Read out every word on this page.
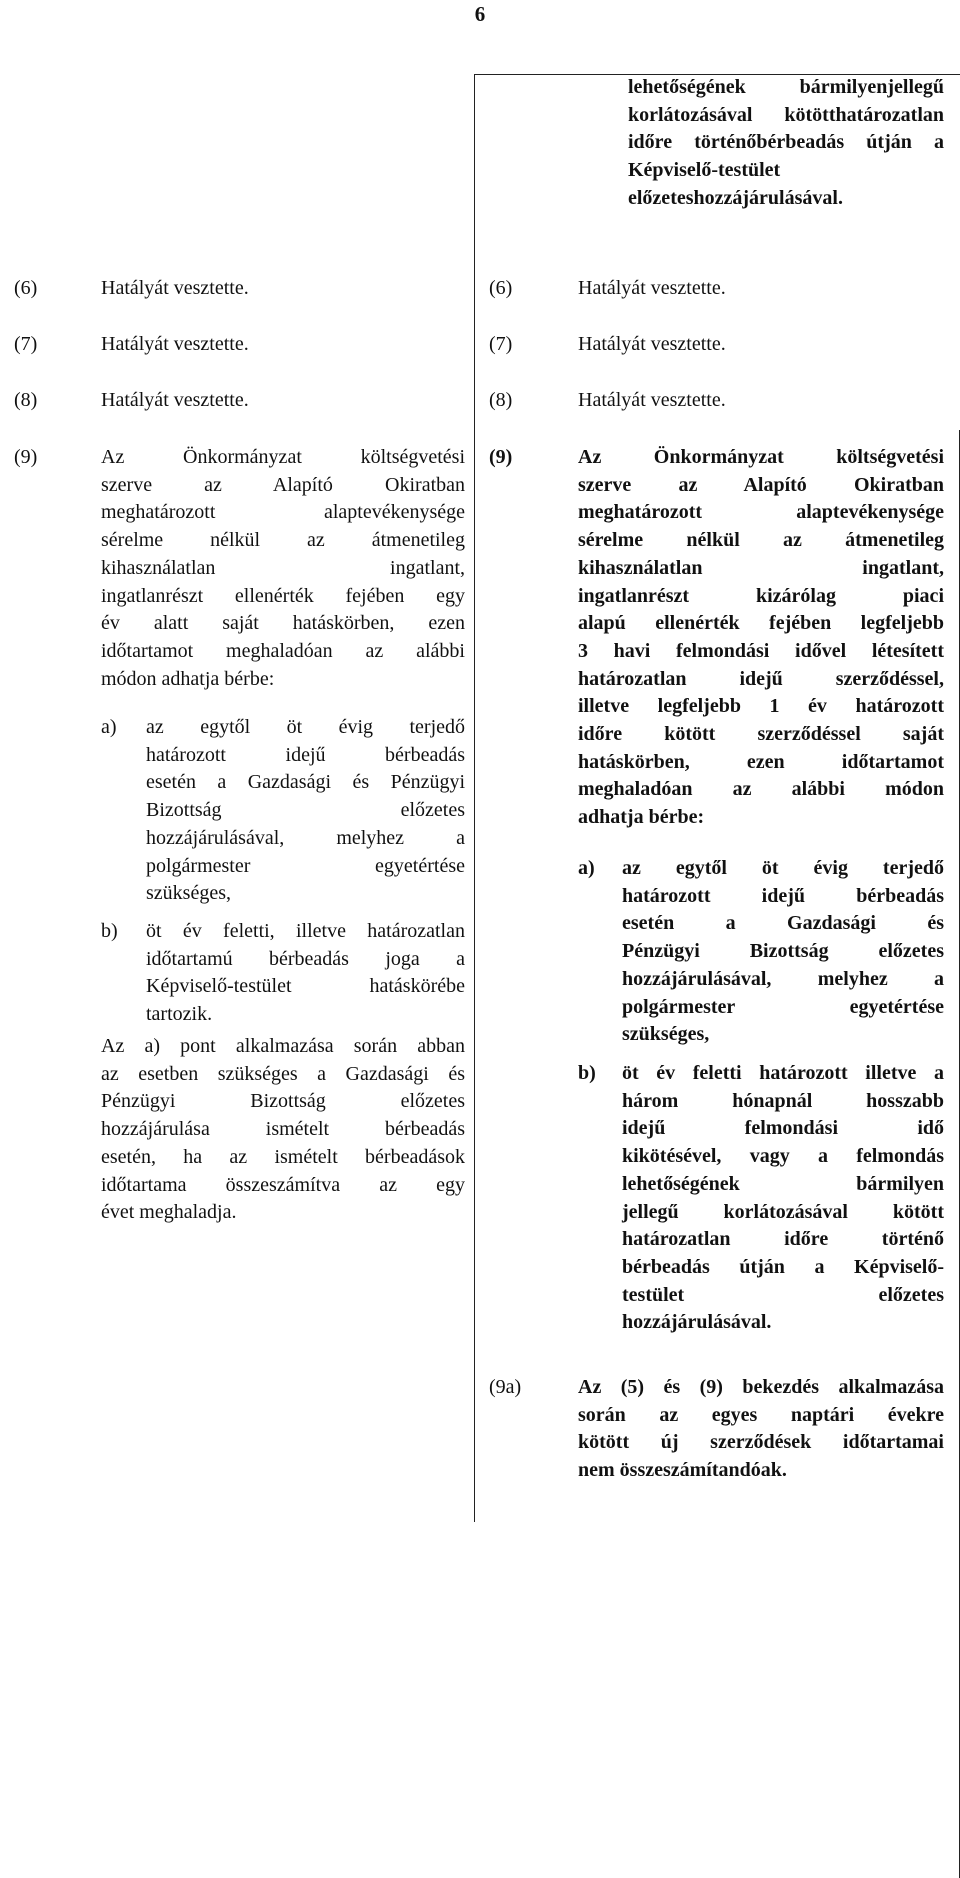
6
lehetőségének bármilyenjellegű korlátozásával kötötthatározatlan időre történőbérbeadás útján a Képviselő-testület előzeteshozzájárulásával.
(6)	Hatályát vesztette.
(7)	Hatályát vesztette.
(8)	Hatályát vesztette.
(6)	Hatályát vesztette.
(7)	Hatályát vesztette.
(8)	Hatályát vesztette.
(9)	Az Önkormányzat költségvetési
szerve az Alapító Okiratban
meghatározott alaptevékenysége
sérelme nélkül az átmenetileg
kihasználatlan ingatlant,
ingatlanrészt ellenérték fejében egy
év alatt saját hatáskörben, ezen
időtartamot meghaladóan az alábbi
módon adhatja bérbe:
a) az egytől öt évig terjedő
határozott idejű bérbeadás
esetén a Gazdasági és Pénzügyi
Bizottság előzetes
hozzájárulásával, melyhez a
polgármester egyetértése
szükséges,
b) öt év feletti, illetve határozatlan
időtartamú bérbeadás joga a
Képviselő-testület hatáskörébe
tartozik.
Az a) pont alkalmazása során abban
az esetben szükséges a Gazdasági és
Pénzügyi Bizottság előzetes
hozzájárulása ismételt bérbeadás
esetén, ha az ismételt bérbeadások
időtartama összeszámítva az egy
évet meghaladja.
(9)	Az Önkormányzat költségvetési
szerve az Alapító Okiratban
meghatározott alaptevékenysége
sérelme nélkül az átmenetileg
kihasználatlan ingatlant,
ingatlanrészt kizárólag piaci
alapú ellenérték fejében legfeljebb
3 havi felmondási idővel létesített
határozatlan idejű szerződéssel,
illetve legfeljebb 1 év határozott
időre kötött szerződéssel saját
hatáskörben, ezen időtartamot
meghaladóan az alábbi módon
adhatja bérbe:
a) az egytől öt évig terjedő
határozott idejű bérbeadás
esetén a Gazdasági és
Pénzügyi Bizottság előzetes
hozzájárulásával, melyhez a
polgármester egyetértése
szükséges,
b) öt év feletti határozott illetve a
három hónapnál hosszabb
idejű felmondási idő
kikötésével, vagy a felmondás
lehetőségének bármilyen
jellegű korlátozásával kötött
határozatlan időre történő
bérbeadás útján a Képviselő-
testület előzetes
hozzájárulásával.
(9a)	Az (5) és (9) bekezdés alkalmazása
során az egyes naptári évekre
kötött új szerződések időtartamai
nem összeszámítandóak.
